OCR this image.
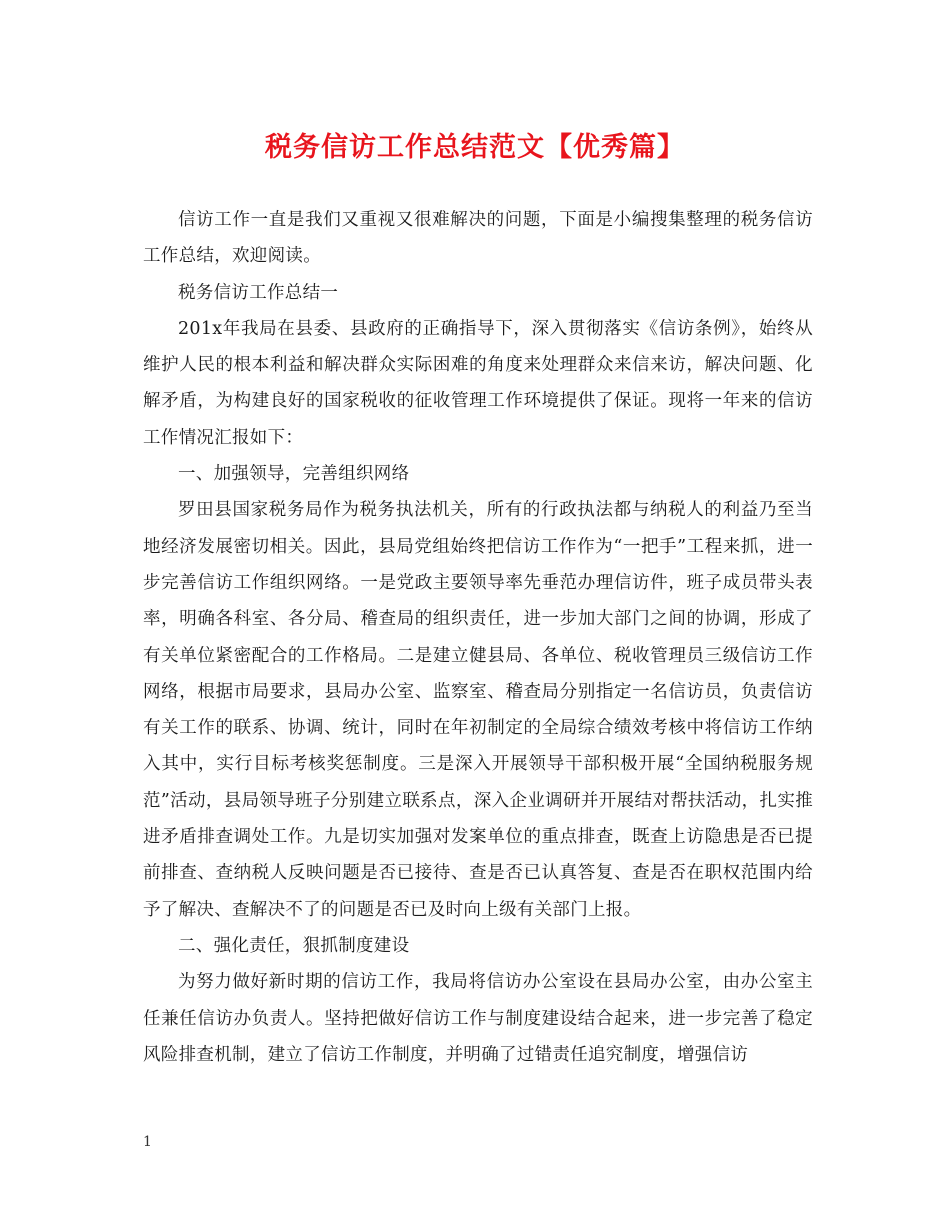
税务信访工作总结范文【优秀篇】

信访工作一直是我们又重视又很难解决的问题，下面是小编搜集整理的税务信访工作总结，欢迎阅读。

税务信访工作总结一

201x年我局在县委、县政府的正确指导下，深入贯彻落实《信访条例》，始终从维护人民的根本利益和解决群众实际困难的角度来处理群众来信来访，解决问题、化解矛盾，为构建良好的国家税收的征收管理工作环境提供了保证。现将一年来的信访工作情况汇报如下：

一、加强领导，完善组织网络

罗田县国家税务局作为税务执法机关，所有的行政执法都与纳税人的利益乃至当地经济发展密切相关。因此，县局党组始终把信访工作作为“一把手”工程来抓，进一步完善信访工作组织网络。一是党政主要领导率先垂范办理信访件，班子成员带头表率，明确各科室、各分局、稽查局的组织责任，进一步加大部门之间的协调，形成了有关单位紧密配合的工作格局。二是建立健县局、各单位、税收管理员三级信访工作网络，根据市局要求，县局办公室、监察室、稽查局分别指定一名信访员，负责信访有关工作的联系、协调、统计，同时在年初制定的全局综合绩效考核中将信访工作纳入其中，实行目标考核奖惩制度。三是深入开展领导干部积极开展“全国纳税服务规范”活动，县局领导班子分别建立联系点，深入企业调研并开展结对帮扶活动，扎实推进矛盾排查调处工作。九是切实加强对发案单位的重点排查，既查上访隐患是否已提前排查、查纳税人反映问题是否已接待、查是否已认真答复、查是否在职权范围内给予了解决、查解决不了的问题是否已及时向上级有关部门上报。

二、强化责任，狠抓制度建设

为努力做好新时期的信访工作，我局将信访办公室设在县局办公室，由办公室主任兼任信访办负责人。坚持把做好信访工作与制度建设结合起来，进一步完善了稳定风险排查机制，建立了信访工作制度，并明确了过错责任追究制度，增强信访

1
